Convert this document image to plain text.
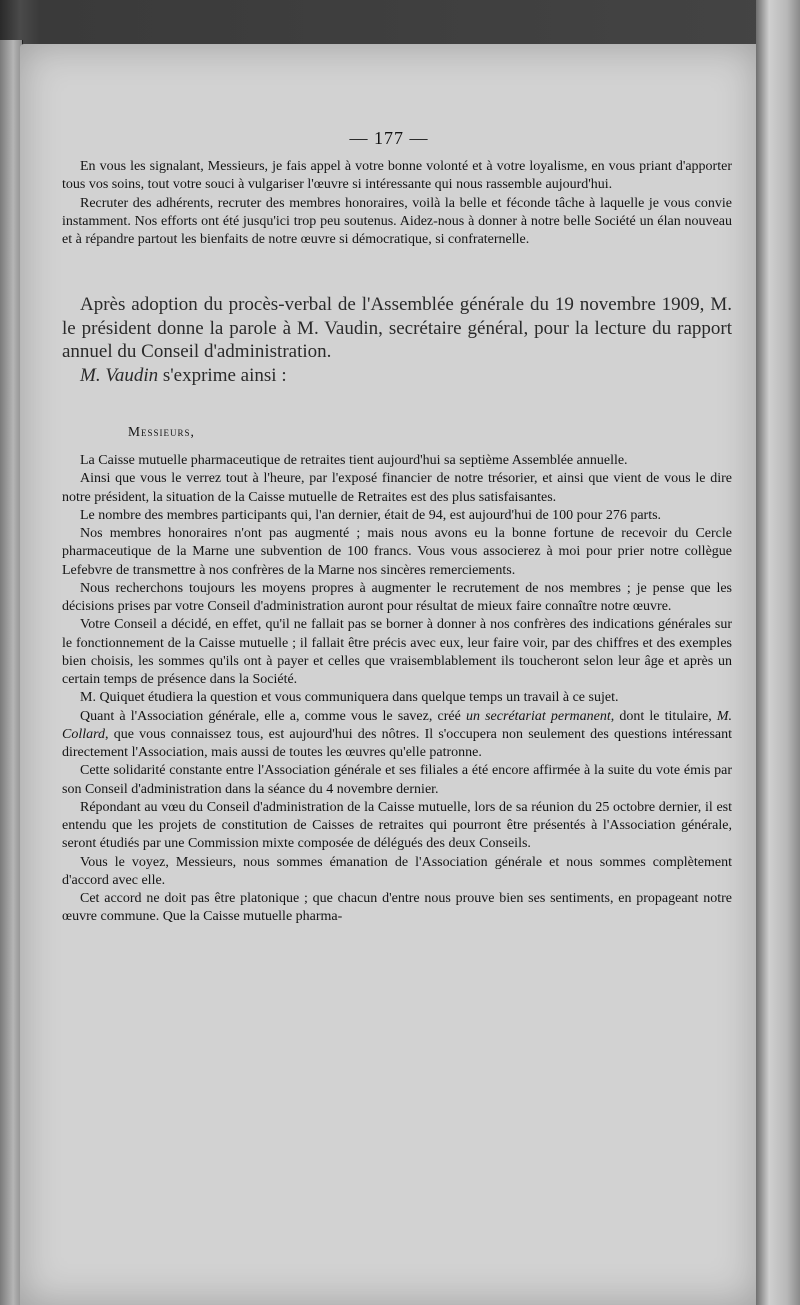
— 177 —

En vous les signalant, Messieurs, je fais appel à votre bonne volonté et à votre loyalisme, en vous priant d'apporter tous vos soins, tout votre souci à vulgariser l'œuvre si intéressante qui nous rassemble aujourd'hui.

Recruter des adhérents, recruter des membres honoraires, voilà la belle et féconde tâche à laquelle je vous convie instamment. Nos efforts ont été jusqu'ici trop peu soutenus. Aidez-nous à donner à notre belle Société un élan nouveau et à répandre partout les bienfaits de notre œuvre si démocratique, si confraternelle.

Après adoption du procès-verbal de l'Assemblée générale du 19 novembre 1909, M. le président donne la parole à M. Vaudin, secrétaire général, pour la lecture du rapport annuel du Conseil d'administration.

M. Vaudin s'exprime ainsi :

Messieurs,

La Caisse mutuelle pharmaceutique de retraites tient aujourd'hui sa septième Assemblée annuelle.

Ainsi que vous le verrez tout à l'heure, par l'exposé financier de notre trésorier, et ainsi que vient de vous le dire notre président, la situation de la Caisse mutuelle de Retraites est des plus satisfaisantes.

Le nombre des membres participants qui, l'an dernier, était de 94, est aujourd'hui de 100 pour 276 parts.

Nos membres honoraires n'ont pas augmenté ; mais nous avons eu la bonne fortune de recevoir du Cercle pharmaceutique de la Marne une subvention de 100 francs. Vous vous associerez à moi pour prier notre collègue Lefebvre de transmettre à nos confrères de la Marne nos sincères remerciements.

Nous recherchons toujours les moyens propres à augmenter le recrutement de nos membres ; je pense que les décisions prises par votre Conseil d'administration auront pour résultat de mieux faire connaître notre œuvre.

Votre Conseil a décidé, en effet, qu'il ne fallait pas se borner à donner à nos confrères des indications générales sur le fonctionnement de la Caisse mutuelle ; il fallait être précis avec eux, leur faire voir, par des chiffres et des exemples bien choisis, les sommes qu'ils ont à payer et celles que vraisemblablement ils toucheront selon leur âge et après un certain temps de présence dans la Société.

M. Quiquet étudiera la question et vous communiquera dans quelque temps un travail à ce sujet.

Quant à l'Association générale, elle a, comme vous le savez, créé un secrétariat permanent, dont le titulaire, M. Collard, que vous connaissez tous, est aujourd'hui des nôtres. Il s'occupera non seulement des questions intéressant directement l'Association, mais aussi de toutes les œuvres qu'elle patronne.

Cette solidarité constante entre l'Association générale et ses filiales a été encore affirmée à la suite du vote émis par son Conseil d'administration dans la séance du 4 novembre dernier.

Répondant au vœu du Conseil d'administration de la Caisse mutuelle, lors de sa réunion du 25 octobre dernier, il est entendu que les projets de constitution de Caisses de retraites qui pourront être présentés à l'Association générale, seront étudiés par une Commission mixte composée de délégués des deux Conseils.

Vous le voyez, Messieurs, nous sommes émanation de l'Association générale et nous sommes complètement d'accord avec elle.

Cet accord ne doit pas être platonique ; que chacun d'entre nous prouve bien ses sentiments, en propageant notre œuvre commune. Que la Caisse mutuelle pharma-
